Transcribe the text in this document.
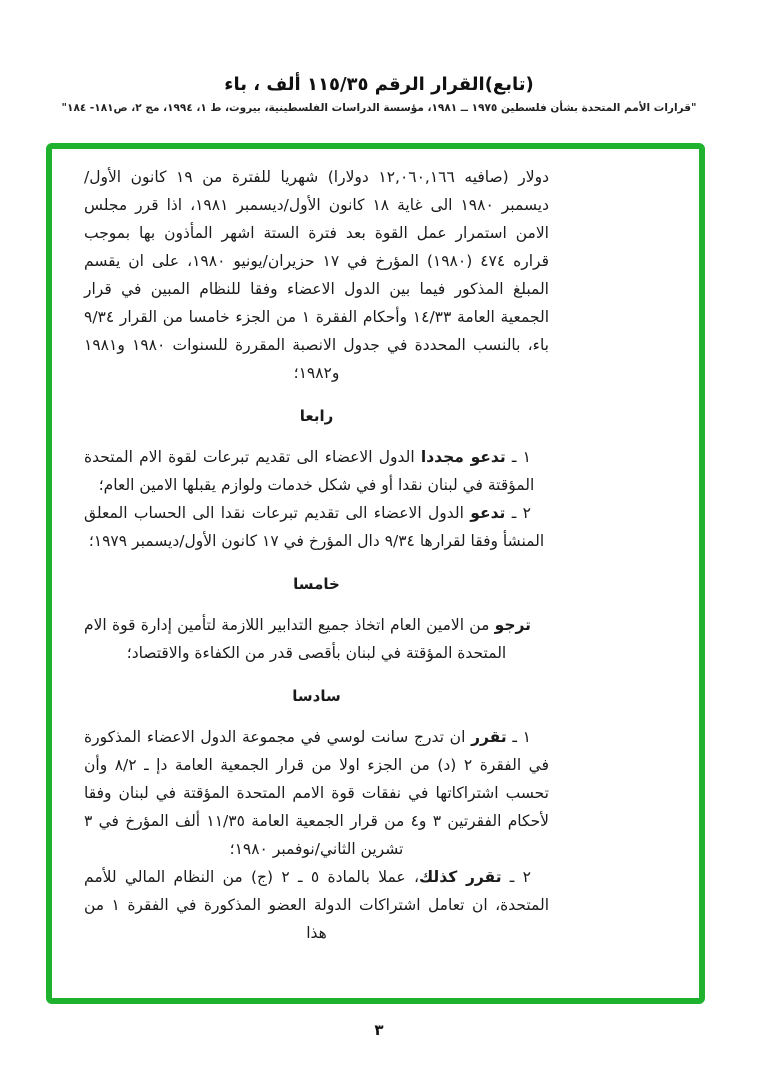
(تابع)القرار الرقم ١١٥/٣٥ ألف ، باء
"قرارات الأمم المتحدة بشأن فلسطين ١٩٧٥ ــ ١٩٨١، مؤسسة الدراسات الفلسطينية، بيروت، ط ١، ١٩٩٤، مج ٢، ص١٨١- ١٨٤"

دولار (صافيه ١٢,٠٦٠,١٦٦ دولارا) شهريا للفترة من ١٩ كانون الأول/ديسمبر ١٩٨٠ الى غاية ١٨ كانون الأول/ديسمبر ١٩٨١، اذا قرر مجلس الامن استمرار عمل القوة بعد فترة الستة اشهر المأذون بها بموجب قراره ٤٧٤ (١٩٨٠) المؤرخ في ١٧ حزيران/يونيو ١٩٨٠، على ان يقسم المبلغ المذكور فيما بين الدول الاعضاء وفقا للنظام المبين في قرار الجمعية العامة ١٤/٣٣ وأحكام الفقرة ١ من الجزء خامسا من القرار ٩/٣٤ باء، بالنسب المحددة في جدول الانصبة المقررة للسنوات ١٩٨٠ و١٩٨١ و١٩٨٢؛

رابعا

١ ـ تدعو مجددا الدول الاعضاء الى تقديم تبرعات لقوة الام المتحدة المؤقتة في لبنان نقدا أو في شكل خدمات ولوازم يقبلها الامين العام؛

٢ ـ تدعو الدول الاعضاء الى تقديم تبرعات نقدا الى الحساب المعلق المنشأ وفقا لقرارها ٩/٣٤ دال المؤرخ في ١٧ كانون الأول/ديسمبر ١٩٧٩؛

خامسا

ترجو من الامين العام اتخاذ جميع التدابير اللازمة لتأمين إدارة قوة الام المتحدة المؤقتة في لبنان بأقصى قدر من الكفاءة والاقتصاد؛

سادسا

١ ـ تقرر ان تدرج سانت لوسي في مجموعة الدول الاعضاء المذكورة في الفقرة ٢ (د) من الجزء اولا من قرار الجمعية العامة دإ ـ ٨/٢ وأن تحسب اشتراكاتها في نفقات قوة الامم المتحدة المؤقتة في لبنان وفقا لأحكام الفقرتين ٣ و٤ من قرار الجمعية العامة ١١/٣٥ ألف المؤرخ في ٣ تشرين الثاني/نوفمبر ١٩٨٠؛

٢ ـ تقرر كذلك، عملا بالمادة ٥ ـ ٢ (ج) من النظام المالي للأمم المتحدة، ان تعامل اشتراكات الدولة العضو المذكورة في الفقرة ١ من هذا

٣
